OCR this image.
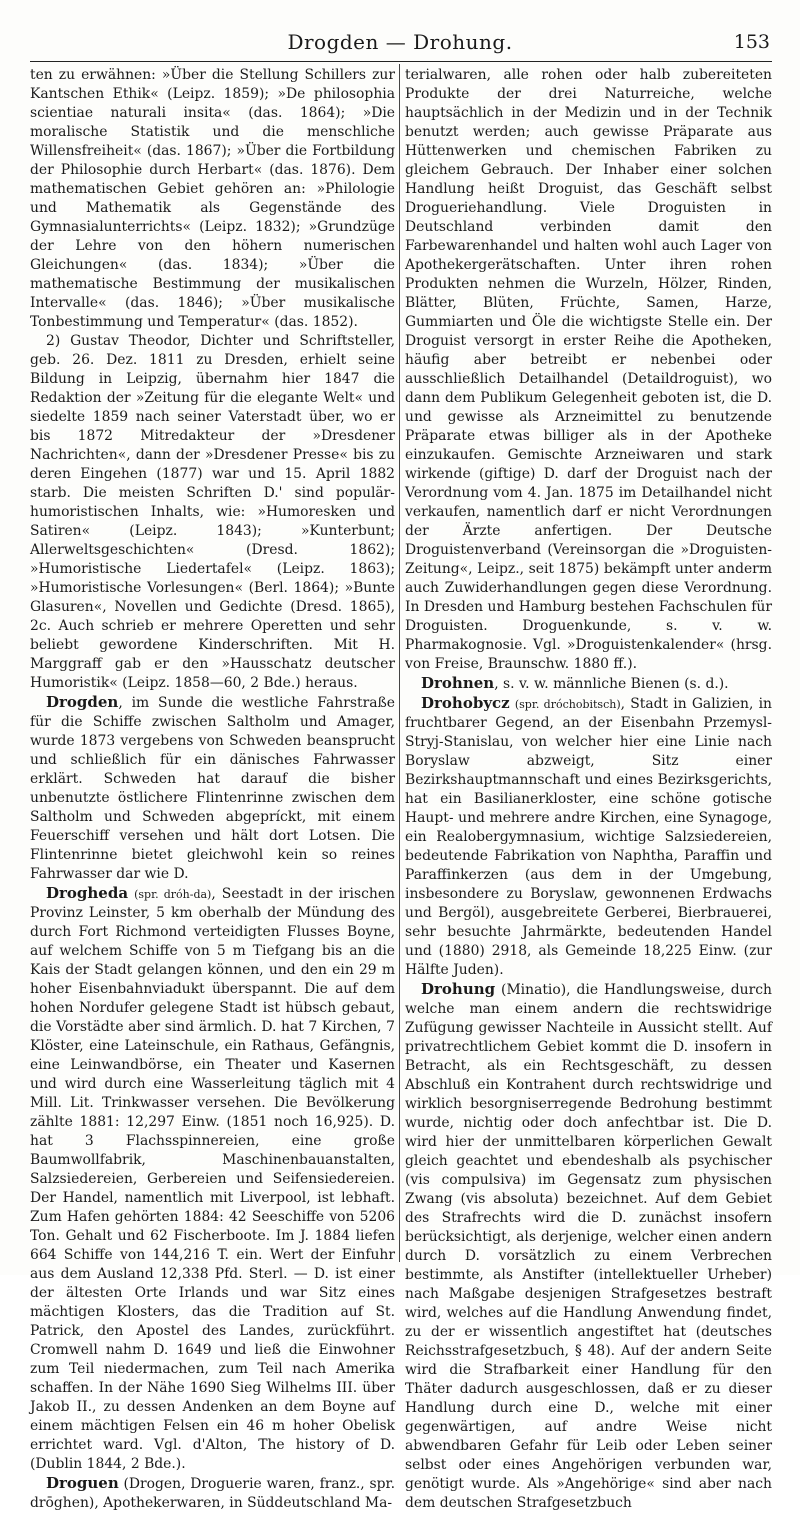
Drogden — Drohung.	153

ten zu erwähnen: »Über die Stellung Schillers zur Kantschen Ethik« (Leipz. 1859); »De philosophia scientiae naturali insita« (das. 1864); »Die moralische Statistik und die menschliche Willensfreiheit« (das. 1867); »Über die Fortbildung der Philosophie durch Herbart« (das. 1876). Dem mathematischen Gebiet gehören an: »Philologie und Mathematik als Gegenstände des Gymnasialunterrichts« (Leipz. 1832); »Grundzüge der Lehre von den höhern numerischen Gleichungen« (das. 1834); »Über die mathematische Bestimmung der musikalischen Intervalle« (das. 1846); »Über musikalische Tonbestimmung und Temperatur« (das. 1852).

2) Gustav Theodor, Dichter und Schriftsteller, geb. 26. Dez. 1811 zu Dresden, erhielt seine Bildung in Leipzig, übernahm hier 1847 die Redaktion der »Zeitung für die elegante Welt« und siedelte 1859 nach seiner Vaterstadt über, wo er bis 1872 Mitredakteur der »Dresdener Nachrichten«, dann der »Dresdener Presse« bis zu deren Eingehen (1877) war und 15. April 1882 starb. Die meisten Schriften D.' sind populär-humoristischen Inhalts, wie: »Humoresken und Satiren« (Leipz. 1843); »Kunterbunt; Allerweltsgeschichten« (Dresd. 1862); »Humoristische Liedertafel« (Leipz. 1863); »Humoristische Vorlesungen« (Berl. 1864); »Bunte Glasuren«, Novellen und Gedichte (Dresd. 1865), 2c. Auch schrieb er mehrere Operetten und sehr beliebt gewordene Kinderschriften. Mit H. Marggraff gab er den »Hausschatz deutscher Humoristik« (Leipz. 1858—60, 2 Bde.) heraus.

Drogden, im Sunde die westliche Fahrstraße für die Schiffe zwischen Saltholm und Amager, wurde 1873 vergebens von Schweden beansprucht und schließlich für ein dänisches Fahrwasser erklärt. Schweden hat darauf die bisher unbenutzte östlichere Flintenrinne zwischen dem Saltholm und Schweden abgepríckt, mit einem Feuerschiff versehen und hält dort Lotsen. Die Flintenrinne bietet gleichwohl kein so reines Fahrwasser dar wie D.

Drogheda (spr. dróh-da), Seestadt in der irischen Provinz Leinster, 5 km oberhalb der Mündung des durch Fort Richmond verteidigten Flusses Boyne, auf welchem Schiffe von 5 m Tiefgang bis an die Kais der Stadt gelangen können, und den ein 29 m hoher Eisenbahnviadukt überspannt. Die auf dem hohen Nordufer gelegene Stadt ist hübsch gebaut, die Vorstädte aber sind ärmlich. D. hat 7 Kirchen, 7 Klöster, eine Lateinschule, ein Rathaus, Gefängnis, eine Leinwandbörse, ein Theater und Kasernen und wird durch eine Wasserleitung täglich mit 4 Mill. Lit. Trinkwasser versehen. Die Bevölkerung zählte 1881: 12,297 Einw. (1851 noch 16,925). D. hat 3 Flachsspinnereien, eine große Baumwollfabrik, Maschinenbauanstalten, Salzsiedereien, Gerbereien und Seifensiedereien. Der Handel, namentlich mit Liverpool, ist lebhaft. Zum Hafen gehörten 1884: 42 Seeschiffe von 5206 Ton. Gehalt und 62 Fischerboote. Im J. 1884 liefen 664 Schiffe von 144,216 T. ein. Wert der Einfuhr aus dem Ausland 12,338 Pfd. Sterl. — D. ist einer der ältesten Orte Irlands und war Sitz eines mächtigen Klosters, das die Tradition auf St. Patrick, den Apostel des Landes, zurückführt. Cromwell nahm D. 1649 und ließ die Einwohner zum Teil niedermachen, zum Teil nach Amerika schaffen. In der Nähe 1690 Sieg Wilhelms III. über Jakob II., zu dessen Andenken an dem Boyne auf einem mächtigen Felsen ein 46 m hoher Obelisk errichtet ward. Vgl. d'Alton, The history of D. (Dublin 1844, 2 Bde.).

Droguen (Drogen, Droguerie waren, franz., spr. drōghen), Apothekerwaren, in Süddeutschland Ma-

terialwaren, alle rohen oder halb zubereiteten Produkte der drei Naturreiche, welche hauptsächlich in der Medizin und in der Technik benutzt werden; auch gewisse Präparate aus Hüttenwerken und chemischen Fabriken zu gleichem Gebrauch. Der Inhaber einer solchen Handlung heißt Droguist, das Geschäft selbst Drogueriehandlung. Viele Droguisten in Deutschland verbinden damit den Farbewarenhandel und halten wohl auch Lager von Apothekergerätschaften. Unter ihren rohen Produkten nehmen die Wurzeln, Hölzer, Rinden, Blätter, Blüten, Früchte, Samen, Harze, Gummiarten und Öle die wichtigste Stelle ein. Der Droguist versorgt in erster Reihe die Apotheken, häufig aber betreibt er nebenbei oder ausschließlich Detailhandel (Detaildroguist), wo dann dem Publikum Gelegenheit geboten ist, die D. und gewisse als Arzneimittel zu benutzende Präparate etwas billiger als in der Apotheke einzukaufen. Gemischte Arzneiwaren und stark wirkende (giftige) D. darf der Droguist nach der Verordnung vom 4. Jan. 1875 im Detailhandel nicht verkaufen, namentlich darf er nicht Verordnungen der Ärzte anfertigen. Der Deutsche Droguistenverband (Vereinsorgan die »Droguisten-Zeitung«, Leipz., seit 1875) bekämpft unter anderm auch Zuwiderhandlungen gegen diese Verordnung. In Dresden und Hamburg bestehen Fachschulen für Droguisten. Droguenkunde, s. v. w. Pharmakognosie. Vgl. »Droguistenkalender« (hrsg. von Freise, Braunschw. 1880 ff.).

Drohnen, s. v. w. männliche Bienen (s. d.).

Drohobycz (spr. dróchobitsch), Stadt in Galizien, in fruchtbarer Gegend, an der Eisenbahn Przemysl-Stryj-Stanislau, von welcher hier eine Linie nach Boryslaw abzweigt, Sitz einer Bezirkshauptmannschaft und eines Bezirksgerichts, hat ein Basilianerkloster, eine schöne gotische Haupt- und mehrere andre Kirchen, eine Synagoge, ein Realobergymnasium, wichtige Salzsiedereien, bedeutende Fabrikation von Naphtha, Paraffin und Paraffinkerzen (aus dem in der Umgebung, insbesondere zu Boryslaw, gewonnenen Erdwachs und Bergöl), ausgebreitete Gerberei, Bierbrauerei, sehr besuchte Jahrmärkte, bedeutenden Handel und (1880) 2918, als Gemeinde 18,225 Einw. (zur Hälfte Juden).

Drohung (Minatio), die Handlungsweise, durch welche man einem andern die rechtswidrige Zufügung gewisser Nachteile in Aussicht stellt. Auf privatrechtlichem Gebiet kommt die D. insofern in Betracht, als ein Rechtsgeschäft, zu dessen Abschluß ein Kontrahent durch rechtswidrige und wirklich besorgniserregende Bedrohung bestimmt wurde, nichtig oder doch anfechtbar ist. Die D. wird hier der unmittelbaren körperlichen Gewalt gleich geachtet und ebendeshalb als psychischer (vis compulsiva) im Gegensatz zum physischen Zwang (vis absoluta) bezeichnet. Auf dem Gebiet des Strafrechts wird die D. zunächst insofern berücksichtigt, als derjenige, welcher einen andern durch D. vorsätzlich zu einem Verbrechen bestimmte, als Anstifter (intellektueller Urheber) nach Maßgabe desjenigen Strafgesetzes bestraft wird, welches auf die Handlung Anwendung findet, zu der er wissentlich angestiftet hat (deutsches Reichsstrafgesetzbuch, § 48). Auf der andern Seite wird die Strafbarkeit einer Handlung für den Thäter dadurch ausgeschlossen, daß er zu dieser Handlung durch eine D., welche mit einer gegenwärtigen, auf andre Weise nicht abwendbaren Gefahr für Leib oder Leben seiner selbst oder eines Angehörigen verbunden war, genötigt wurde. Als »Angehörige« sind aber nach dem deutschen Strafgesetzbuch
